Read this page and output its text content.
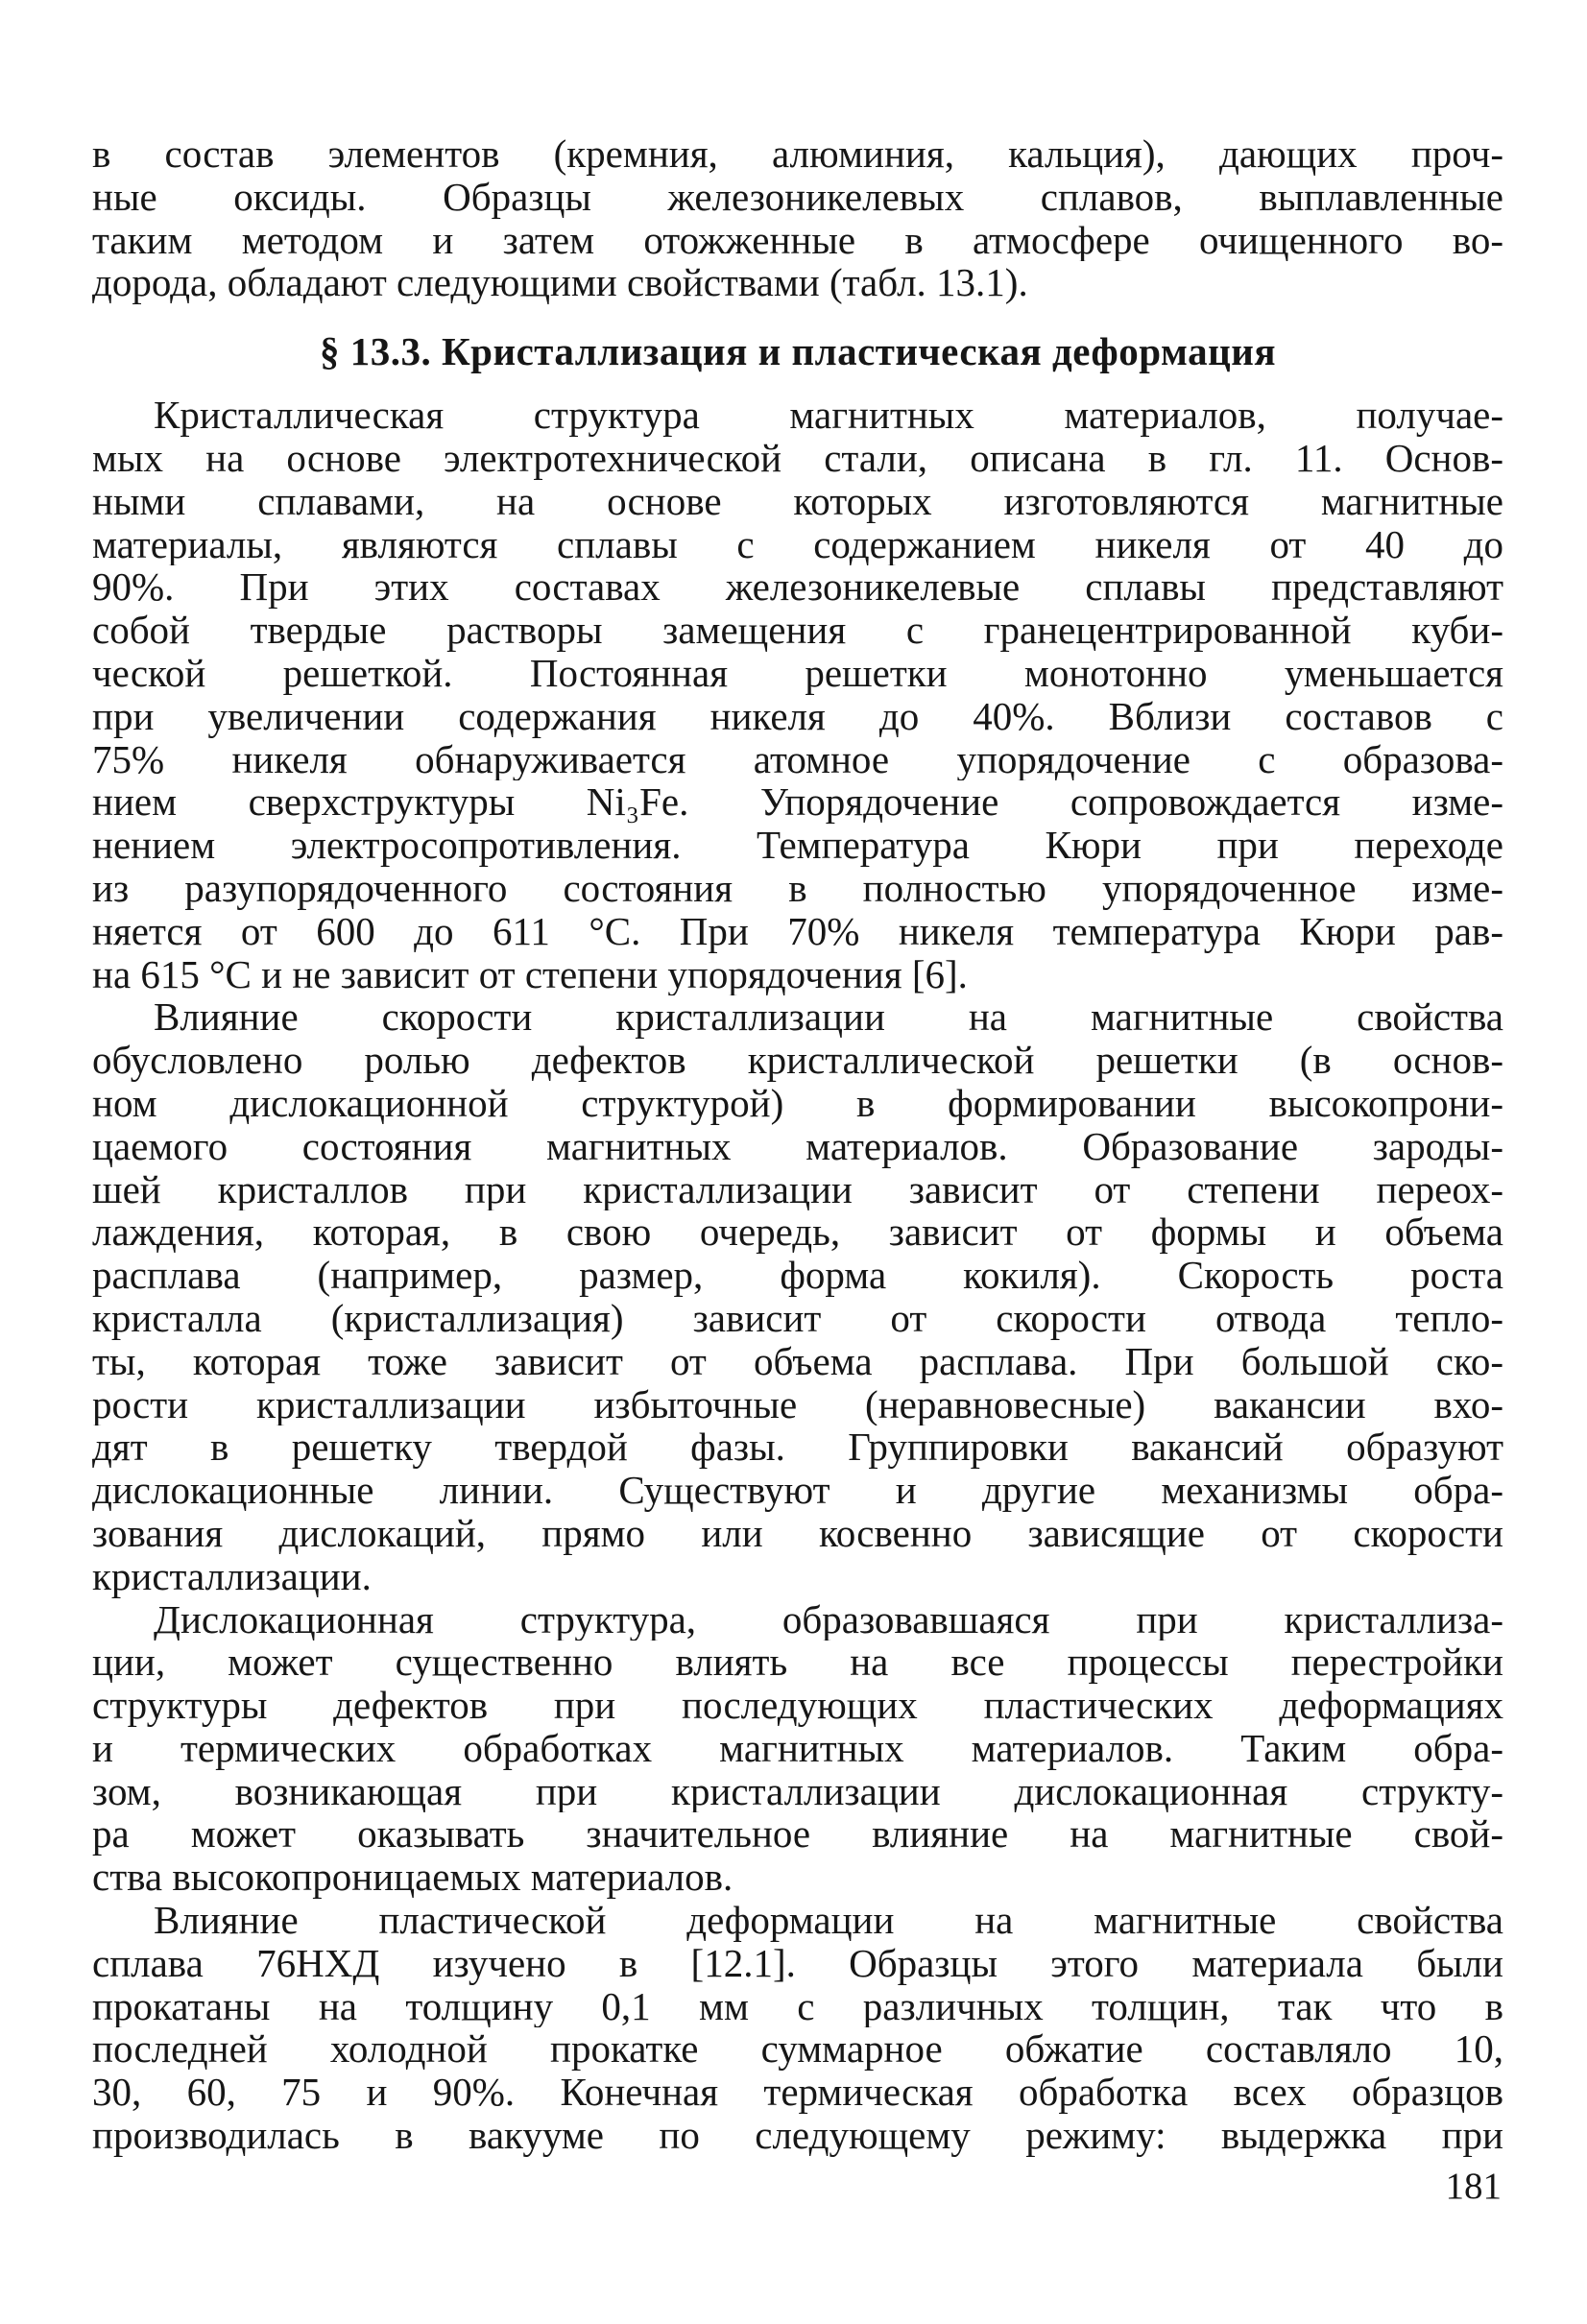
в состав элементов (кремния, алюминия, кальция), дающих проч-
ные оксиды. Образцы железоникелевых сплавов, выплавленные
таким методом и затем отожженные в атмосфере очищенного во-
дорода, обладают следующими свойствами (табл. 13.1).
§ 13.3. Кристаллизация и пластическая деформация
Кристаллическая структура магнитных материалов, получае-
мых на основе электротехнической стали, описана в гл. 11. Основ-
ными сплавами, на основе которых изготовляются магнитные
материалы, являются сплавы с содержанием никеля от 40 до
90%. При этих составах железоникелевые сплавы представляют
собой твердые растворы замещения с гранецентрированной куби-
ческой решеткой. Постоянная решетки монотонно уменьшается
при увеличении содержания никеля до 40%. Вблизи составов с
75% никеля обнаруживается атомное упорядочение с образова-
нием сверхструктуры Ni₃Fe. Упорядочение сопровождается изме-
нением электросопротивления. Температура Кюри при переходе
из разупорядоченного состояния в полностью упорядоченное изме-
няется от 600 до 611 °С. При 70% никеля температура Кюри рав-
на 615 °С и не зависит от степени упорядочения [6].
Влияние скорости кристаллизации на магнитные свойства
обусловлено ролью дефектов кристаллической решетки (в основ-
ном дислокационной структурой) в формировании высокопрони-
цаемого состояния магнитных материалов. Образование зароды-
шей кристаллов при кристаллизации зависит от степени переох-
лаждения, которая, в свою очередь, зависит от формы и объема
расплава (например, размер, форма кокиля). Скорость роста
кристалла (кристаллизация) зависит от скорости отвода тепло-
ты, которая тоже зависит от объема расплава. При большой ско-
рости кристаллизации избыточные (неравновесные) вакансии вхо-
дят в решетку твердой фазы. Группировки вакансий образуют
дислокационные линии. Существуют и другие механизмы обра-
зования дислокаций, прямо или косвенно зависящие от скорости
кристаллизации.
Дислокационная структура, образовавшаяся при кристаллиза-
ции, может существенно влиять на все процессы перестройки
структуры дефектов при последующих пластических деформациях
и термических обработках магнитных материалов. Таким обра-
зом, возникающая при кристаллизации дислокационная структу-
ра может оказывать значительное влияние на магнитные свой-
ства высокопроницаемых материалов.
Влияние пластической деформации на магнитные свойства
сплава 76НХД изучено в [12.1]. Образцы этого материала были
прокатаны на толщину 0,1 мм с различных толщин, так что в
последней холодной прокатке суммарное обжатие составляло 10,
30, 60, 75 и 90%. Конечная термическая обработка всех образцов
производилась в вакууме по следующему режиму: выдержка при
181
